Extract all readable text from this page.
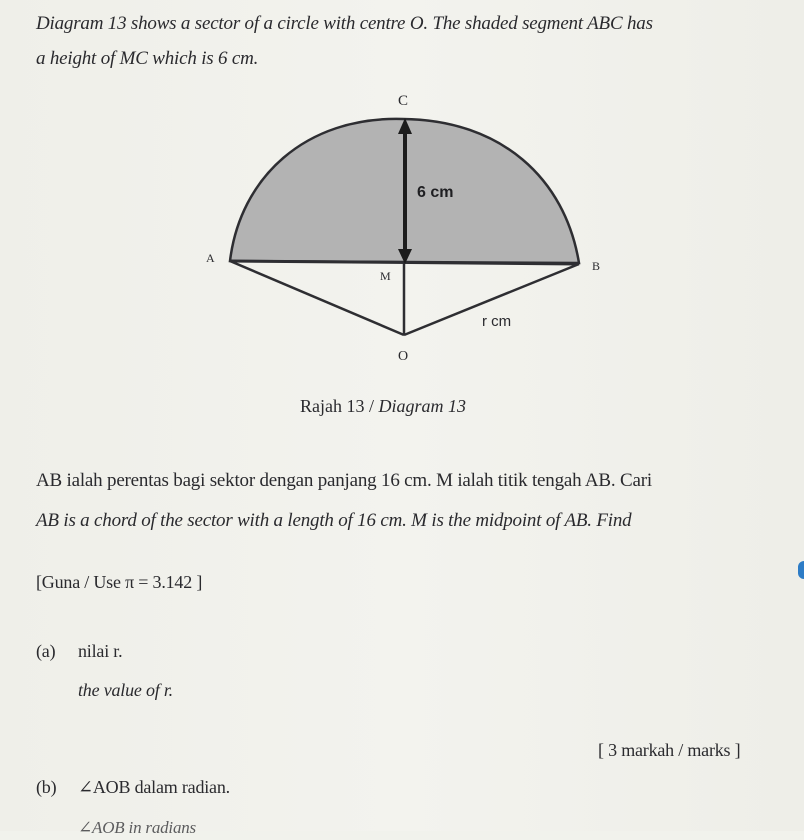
Diagram 13 shows a sector of a circle with centre O. The shaded segment ABC has
a height of MC which is 6 cm.
C
A
B
M
O
6 cm
r cm
Rajah 13 / Diagram 13
AB ialah perentas bagi sektor dengan panjang 16 cm. M ialah titik tengah AB. Cari
AB is a chord of the sector with a length of 16 cm. M is the midpoint of AB. Find
[Guna / Use π = 3.142 ]
(a) nilai r.
the value of r.
[ 3 markah / marks ]
(b) ∠AOB dalam radian.
∠AOB in radians
